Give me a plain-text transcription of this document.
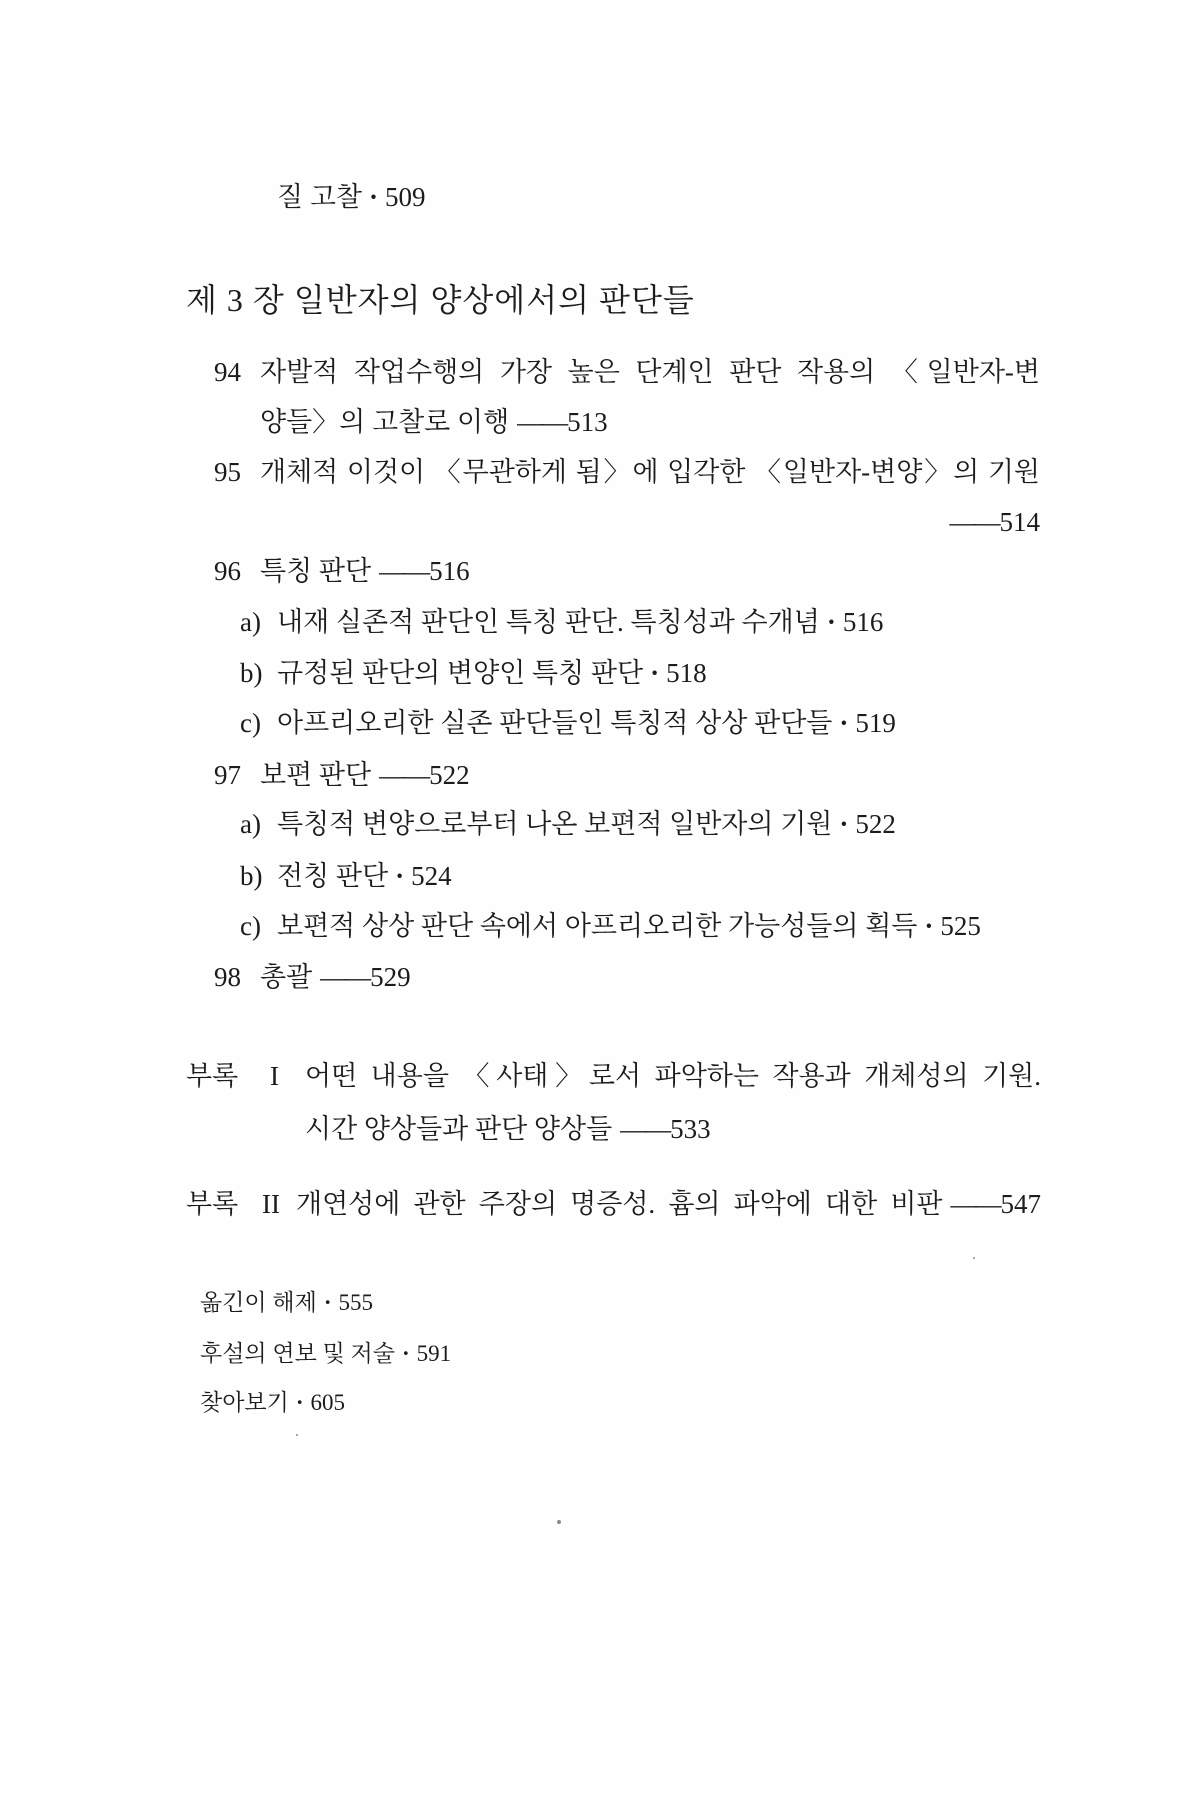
질 고찰 · 509
제 3 장 일반자의 양상에서의 판단들
94 자발적 작업수행의 가장 높은 단계인 판단 작용의 〈일반자-변
양들〉의 고찰로 이행 ——513
95 개체적 이것이 〈무관하게 됨〉에 입각한 〈일반자-변양〉의 기원
——514
96 특칭 판단 ——516
a) 내재 실존적 판단인 특칭 판단. 특칭성과 수개념 · 516
b) 규정된 판단의 변양인 특칭 판단 · 518
c) 아프리오리한 실존 판단들인 특칭적 상상 판단들 · 519
97 보편 판단 ——522
a) 특칭적 변양으로부터 나온 보편적 일반자의 기원 · 522
b) 전칭 판단 · 524
c) 보편적 상상 판단 속에서 아프리오리한 가능성들의 획득 · 525
98 총괄 ——529
부록	I 어떤 내용을 〈사태〉로서 파악하는 작용과 개체성의 기원.
시간 양상들과 판단 양상들 ——533
부록 II 개연성에 관한 주장의 명증성. 흄의 파악에 대한 비판 —— 547
옮긴이 해제 · 555
후설의 연보 및 저술 · 591
찾아보기 · 605
